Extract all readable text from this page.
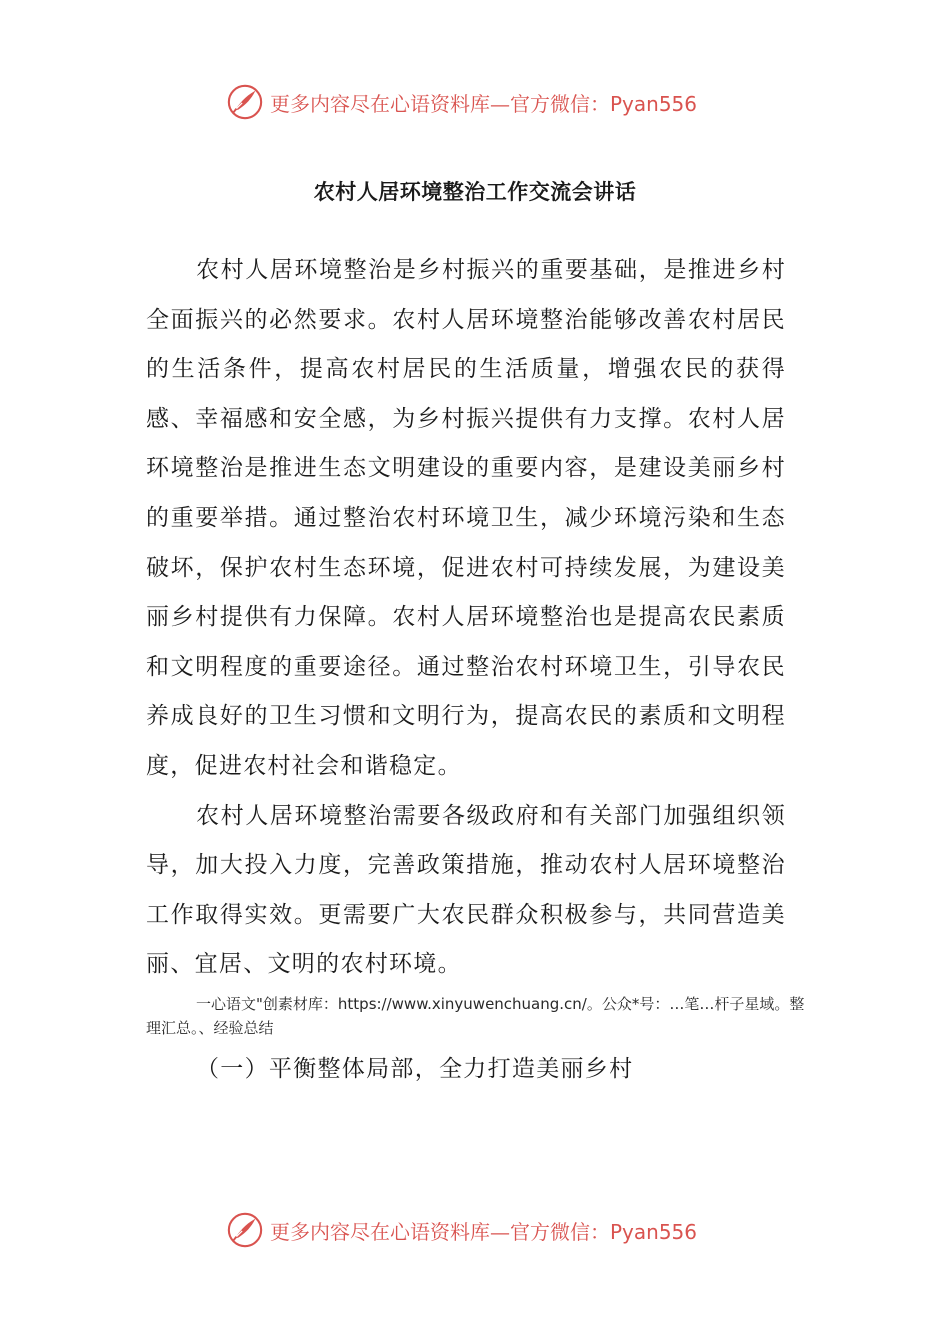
更多内容尽在心语资料库—官方微信：Pyan556
农村人居环境整治工作交流会讲话

农村人居环境整治是乡村振兴的重要基础，是推进乡村全面振兴的必然要求。农村人居环境整治能够改善农村居民的生活条件，提高农村居民的生活质量，增强农民的获得感、幸福感和安全感，为乡村振兴提供有力支撑。农村人居环境整治是推进生态文明建设的重要内容，是建设美丽乡村的重要举措。通过整治农村环境卫生，减少环境污染和生态破坏，保护农村生态环境，促进农村可持续发展，为建设美丽乡村提供有力保障。农村人居环境整治也是提高农民素质和文明程度的重要途径。通过整治农村环境卫生，引导农民养成良好的卫生习惯和文明行为，提高农民的素质和文明程度，促进农村社会和谐稳定。

农村人居环境整治需要各级政府和有关部门加强组织领导，加大投入力度，完善政策措施，推动农村人居环境整治工作取得实效。更需要广大农民群众积极参与，共同营造美丽、宜居、文明的农村环境。

一心语文"创素材库：https://www.xinyuwenchuang.cn/。公众*号：…笔…杆子星域。整理汇总。、经验总结
（一）平衡整体局部，全力打造美丽乡村
更多内容尽在心语资料库—官方微信：Pyan556
